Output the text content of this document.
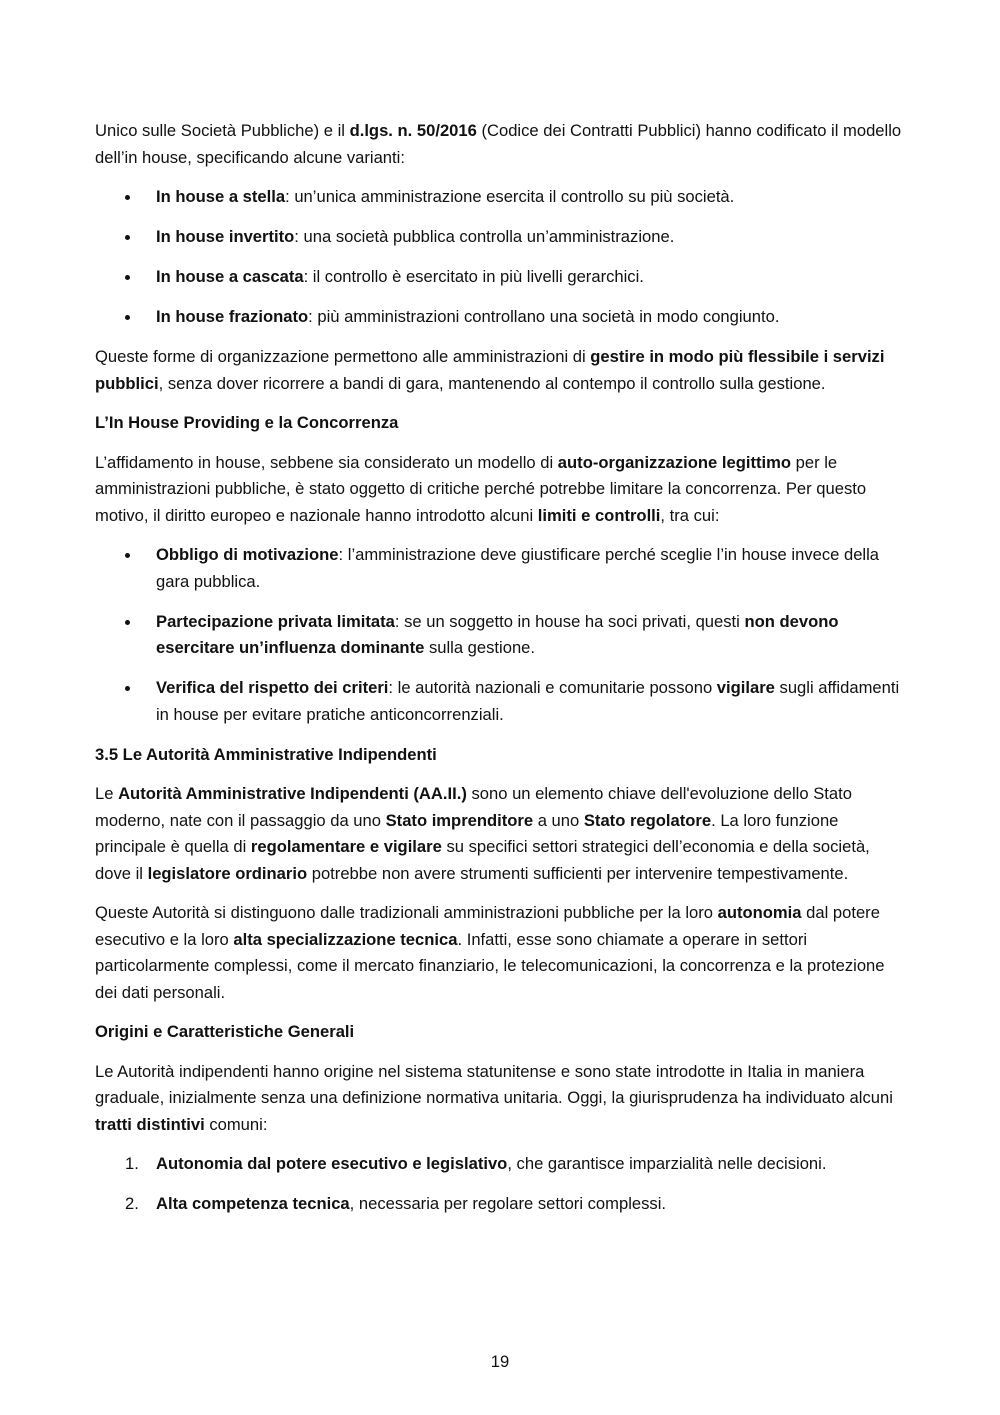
Unico sulle Società Pubbliche) e il d.lgs. n. 50/2016 (Codice dei Contratti Pubblici) hanno codificato il modello dell’in house, specificando alcune varianti:

In house a stella: un’unica amministrazione esercita il controllo su più società.
In house invertito: una società pubblica controlla un’amministrazione.
In house a cascata: il controllo è esercitato in più livelli gerarchici.
In house frazionato: più amministrazioni controllano una società in modo congiunto.

Queste forme di organizzazione permettono alle amministrazioni di gestire in modo più flessibile i servizi pubblici, senza dover ricorrere a bandi di gara, mantenendo al contempo il controllo sulla gestione.

L’In House Providing e la Concorrenza

L’affidamento in house, sebbene sia considerato un modello di auto-organizzazione legittimo per le amministrazioni pubbliche, è stato oggetto di critiche perché potrebbe limitare la concorrenza. Per questo motivo, il diritto europeo e nazionale hanno introdotto alcuni limiti e controlli, tra cui:

Obbligo di motivazione: l’amministrazione deve giustificare perché sceglie l’in house invece della gara pubblica.
Partecipazione privata limitata: se un soggetto in house ha soci privati, questi non devono esercitare un’influenza dominante sulla gestione.
Verifica del rispetto dei criteri: le autorità nazionali e comunitarie possono vigilare sugli affidamenti in house per evitare pratiche anticoncorrenziali.
3.5 Le Autorità Amministrative Indipendenti

Le Autorità Amministrative Indipendenti (AA.II.) sono un elemento chiave dell'evoluzione dello Stato moderno, nate con il passaggio da uno Stato imprenditore a uno Stato regolatore. La loro funzione principale è quella di regolamentare e vigilare su specifici settori strategici dell’economia e della società, dove il legislatore ordinario potrebbe non avere strumenti sufficienti per intervenire tempestivamente.

Queste Autorità si distinguono dalle tradizionali amministrazioni pubbliche per la loro autonomia dal potere esecutivo e la loro alta specializzazione tecnica. Infatti, esse sono chiamate a operare in settori particolarmente complessi, come il mercato finanziario, le telecomunicazioni, la concorrenza e la protezione dei dati personali.

Origini e Caratteristiche Generali

Le Autorità indipendenti hanno origine nel sistema statunitense e sono state introdotte in Italia in maniera graduale, inizialmente senza una definizione normativa unitaria. Oggi, la giurisprudenza ha individuato alcuni tratti distintivi comuni:

1. Autonomia dal potere esecutivo e legislativo, che garantisce imparzialità nelle decisioni.
2. Alta competenza tecnica, necessaria per regolare settori complessi.
19
